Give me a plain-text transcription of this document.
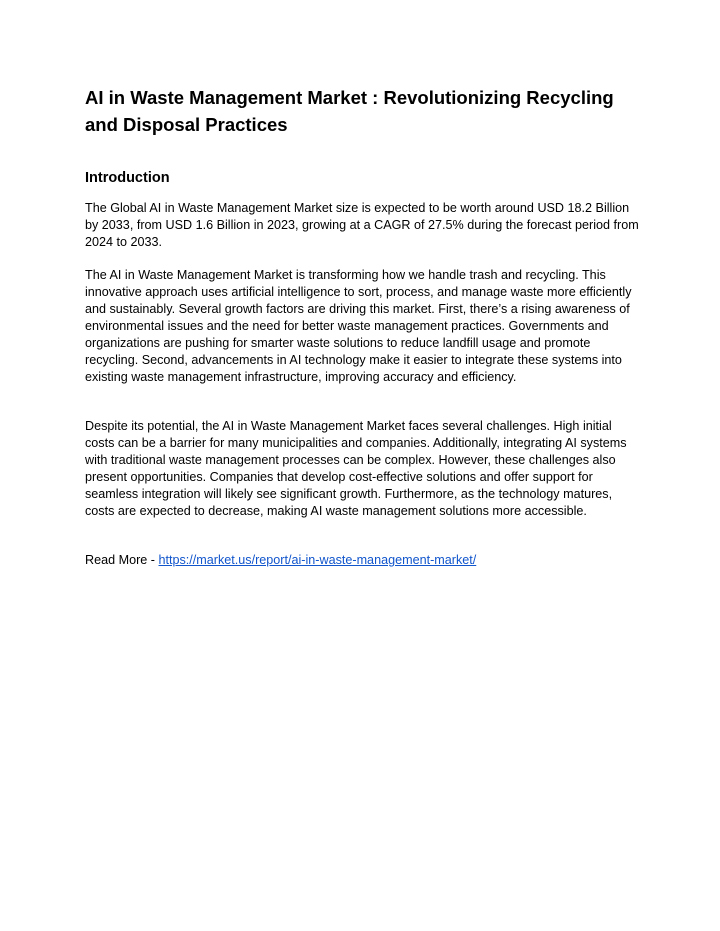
AI in Waste Management Market : Revolutionizing Recycling and Disposal Practices
Introduction

The Global AI in Waste Management Market size is expected to be worth around USD 18.2 Billion by 2033, from USD 1.6 Billion in 2023, growing at a CAGR of 27.5% during the forecast period from 2024 to 2033.

The AI in Waste Management Market is transforming how we handle trash and recycling. This innovative approach uses artificial intelligence to sort, process, and manage waste more efficiently and sustainably. Several growth factors are driving this market. First, there’s a rising awareness of environmental issues and the need for better waste management practices. Governments and organizations are pushing for smarter waste solutions to reduce landfill usage and promote recycling. Second, advancements in AI technology make it easier to integrate these systems into existing waste management infrastructure, improving accuracy and efficiency.

Despite its potential, the AI in Waste Management Market faces several challenges. High initial costs can be a barrier for many municipalities and companies. Additionally, integrating AI systems with traditional waste management processes can be complex. However, these challenges also present opportunities. Companies that develop cost-effective solutions and offer support for seamless integration will likely see significant growth. Furthermore, as the technology matures, costs are expected to decrease, making AI waste management solutions more accessible.

Read More - https://market.us/report/ai-in-waste-management-market/
